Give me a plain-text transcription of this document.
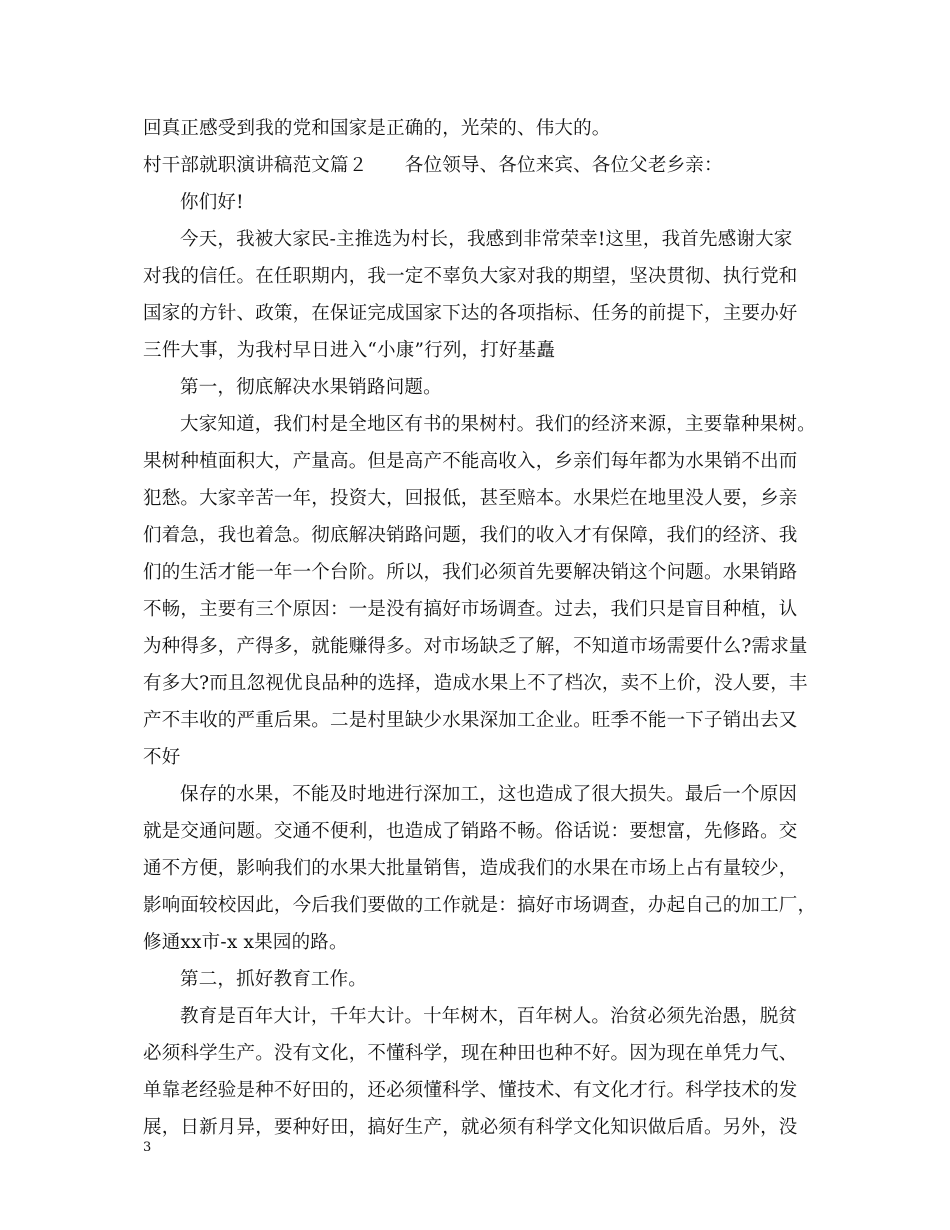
回真正感受到我的党和国家是正确的，光荣的、伟大的。
村干部就职演讲稿范文篇２　　各位领导、各位来宾、各位父老乡亲：
你们好!
今天，我被大家民-主推选为村长，我感到非常荣幸!这里，我首先感谢大家
对我的信任。在任职期内，我一定不辜负大家对我的期望，坚决贯彻、执行党和
国家的方针、政策，在保证完成国家下达的各项指标、任务的前提下，主要办好
三件大事，为我村早日进入“小康”行列，打好基矗
第一，彻底解决水果销路问题。
大家知道，我们村是全地区有书的果树村。我们的经济来源，主要靠种果树。
果树种植面积大，产量高。但是高产不能高收入，乡亲们每年都为水果销不出而
犯愁。大家辛苦一年，投资大，回报低，甚至赔本。水果烂在地里没人要，乡亲
们着急，我也着急。彻底解决销路问题，我们的收入才有保障，我们的经济、我
们的生活才能一年一个台阶。所以，我们必须首先要解决销这个问题。水果销路
不畅，主要有三个原因：一是没有搞好市场调查。过去，我们只是盲目种植，认
为种得多，产得多，就能赚得多。对市场缺乏了解，不知道市场需要什么?需求量
有多大?而且忽视优良品种的选择，造成水果上不了档次，卖不上价，没人要，丰
产不丰收的严重后果。二是村里缺少水果深加工企业。旺季不能一下子销出去又
不好
保存的水果，不能及时地进行深加工，这也造成了很大损失。最后一个原因
就是交通问题。交通不便利，也造成了销路不畅。俗话说：要想富，先修路。交
通不方便，影响我们的水果大批量销售，造成我们的水果在市场上占有量较少，
影响面较校因此，今后我们要做的工作就是：搞好市场调查，办起自己的加工厂，
修通xx市-x x果园的路。
第二，抓好教育工作。
教育是百年大计，千年大计。十年树木，百年树人。治贫必须先治愚，脱贫
必须科学生产。没有文化，不懂科学，现在种田也种不好。因为现在单凭力气、
单靠老经验是种不好田的，还必须懂科学、懂技术、有文化才行。科学技术的发
展，日新月异，要种好田，搞好生产，就必须有科学文化知识做后盾。另外，没
3
